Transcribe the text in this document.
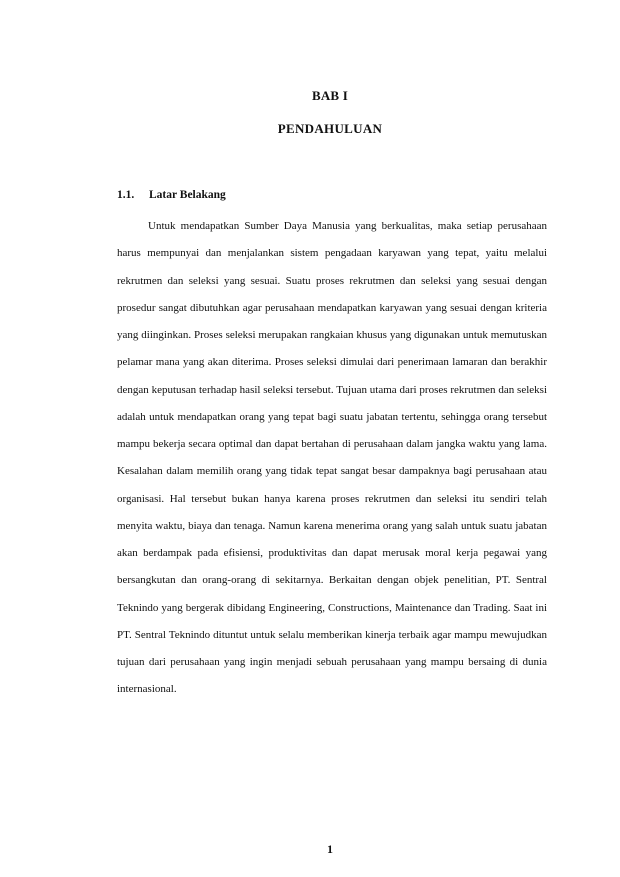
BAB I
PENDAHULUAN
1.1. Latar Belakang

Untuk mendapatkan Sumber Daya Manusia yang berkualitas, maka setiap perusahaan harus mempunyai dan menjalankan sistem pengadaan karyawan yang tepat, yaitu melalui rekrutmen dan seleksi yang sesuai. Suatu proses rekrutmen dan seleksi yang sesuai dengan prosedur sangat dibutuhkan agar perusahaan mendapatkan karyawan yang sesuai dengan kriteria yang diinginkan. Proses seleksi merupakan rangkaian khusus yang digunakan untuk memutuskan pelamar mana yang akan diterima. Proses seleksi dimulai dari penerimaan lamaran dan berakhir dengan keputusan terhadap hasil seleksi tersebut. Tujuan utama dari proses rekrutmen dan seleksi adalah untuk mendapatkan orang yang tepat bagi suatu jabatan tertentu, sehingga orang tersebut mampu bekerja secara optimal dan dapat bertahan di perusahaan dalam jangka waktu yang lama. Kesalahan dalam memilih orang yang tidak tepat sangat besar dampaknya bagi perusahaan atau organisasi. Hal tersebut bukan hanya karena proses rekrutmen dan seleksi itu sendiri telah menyita waktu, biaya dan tenaga. Namun karena menerima orang yang salah untuk suatu jabatan akan berdampak pada efisiensi, produktivitas dan dapat merusak moral kerja pegawai yang bersangkutan dan orang-orang di sekitarnya. Berkaitan dengan objek penelitian, PT. Sentral Teknindo yang bergerak dibidang Engineering, Constructions, Maintenance dan Trading. Saat ini PT. Sentral Teknindo dituntut untuk selalu memberikan kinerja terbaik agar mampu mewujudkan tujuan dari perusahaan yang ingin menjadi sebuah perusahaan yang mampu bersaing di dunia internasional.

1
